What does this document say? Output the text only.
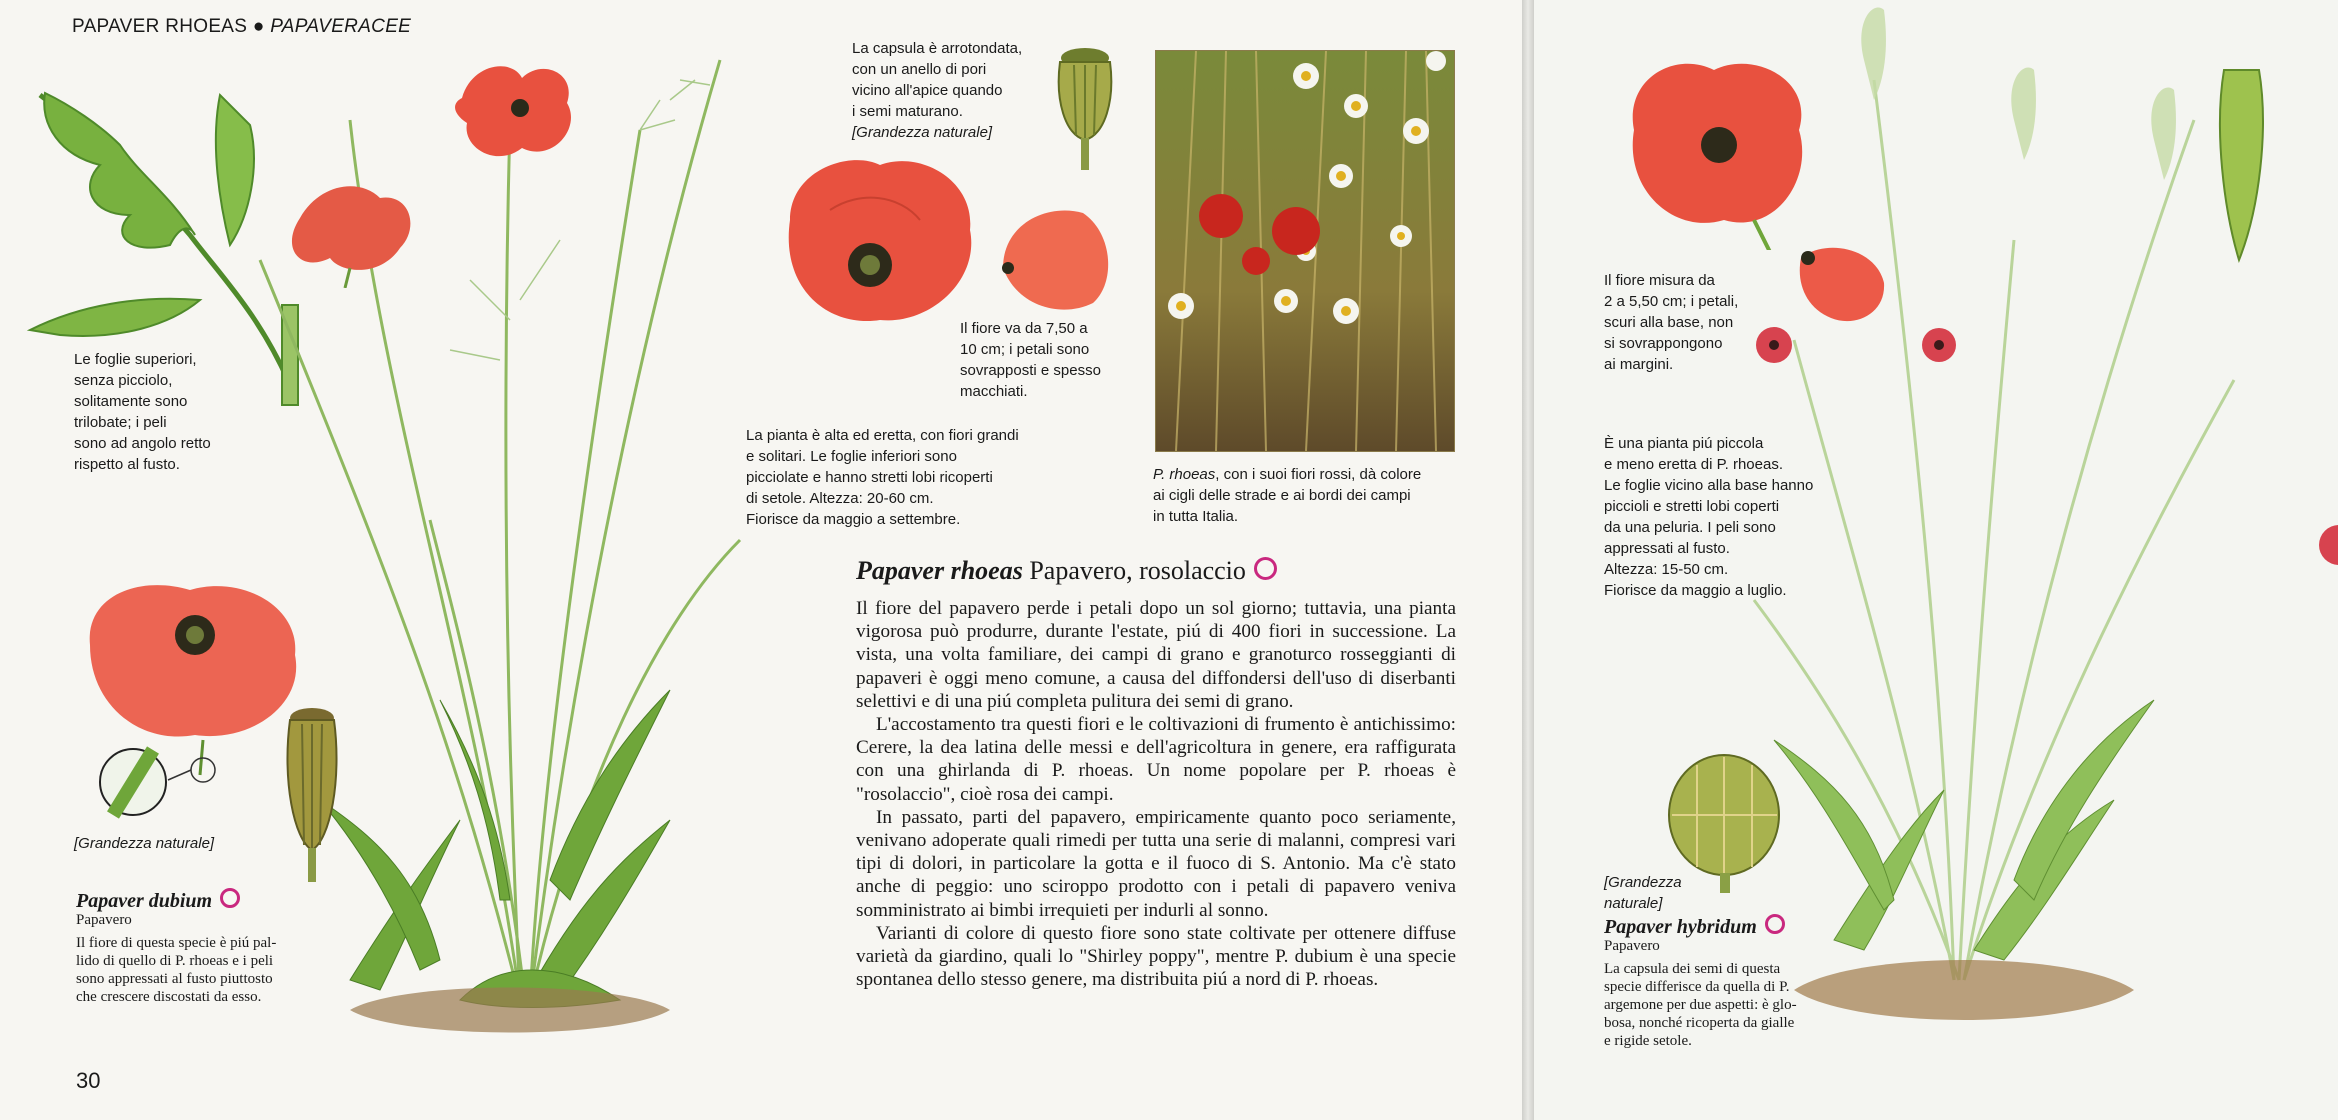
PAPAVER RHOEAS ● PAPAVERACEE
Le foglie superiori,
senza picciolo,
solitamente sono
trilobate; i peli
sono ad angolo retto
rispetto al fusto.
La capsula è arrotondata,
con un anello di pori
vicino all'apice quando
i semi maturano.
[Grandezza naturale]
Il fiore va da 7,50 a
10 cm; i petali sono
sovrapposti e spesso
macchiati.
La pianta è alta ed eretta, con fiori grandi
e solitari. Le foglie inferiori sono
picciolate e hanno stretti lobi ricoperti
di setole. Altezza: 20-60 cm.
Fiorisce da maggio a settembre.
P. rhoeas, con i suoi fiori rossi, dà colore
ai cigli delle strade e ai bordi dei campi
in tutta Italia.
Papaver rhoeas Papavero, rosolaccio

Il fiore del papavero perde i petali dopo un sol giorno; tuttavia, una pianta vigorosa può produrre, durante l'estate, piú di 400 fiori in successione. La vista, una volta familiare, dei campi di grano e granoturco rosseggianti di papaveri è oggi meno comune, a causa del diffondersi dell'uso di diserbanti selettivi e di una piú completa pulitura dei semi di grano.

L'accostamento tra questi fiori e le coltivazioni di frumento è antichissimo: Cerere, la dea latina delle messi e dell'agricoltura in genere, era raffigurata con una ghirlanda di P. rhoeas. Un nome popolare per P. rhoeas è "rosolaccio", cioè rosa dei campi.

In passato, parti del papavero, empiricamente quanto poco seriamente, venivano adoperate quali rimedi per tutta una serie di malanni, compresi vari tipi di dolori, in particolare la gotta e il fuoco di S. Antonio. Ma c'è stato anche di peggio: uno sciroppo prodotto con i petali di papavero veniva somministrato ai bimbi irrequieti per indurli al sonno.

Varianti di colore di questo fiore sono state coltivate per ottenere diffuse varietà da giardino, quali lo "Shirley poppy", mentre P. dubium è una specie spontanea dello stesso genere, ma distribuita piú a nord di P. rhoeas.

[Grandezza naturale]
Papaver dubium
Papavero
Il fiore di questa specie è piú pal-
lido di quello di P. rhoeas e i peli
sono appressati al fusto piuttosto
che crescere discostati da esso.
30
Il fiore misura da
2 a 5,50 cm; i petali,
scuri alla base, non
si sovrappongono
ai margini.
È una pianta piú piccola
e meno eretta di P. rhoeas.
Le foglie vicino alla base hanno
piccioli e stretti lobi coperti
da una peluria. I peli sono
appressati al fusto.
Altezza: 15-50 cm.
Fiorisce da maggio a luglio.
[Grandezza
naturale]
Papaver hybridum
Papavero
La capsula dei semi di questa
specie differisce da quella di P.
argemone per due aspetti: è glo-
bosa, nonché ricoperta da gialle
e rigide setole.
